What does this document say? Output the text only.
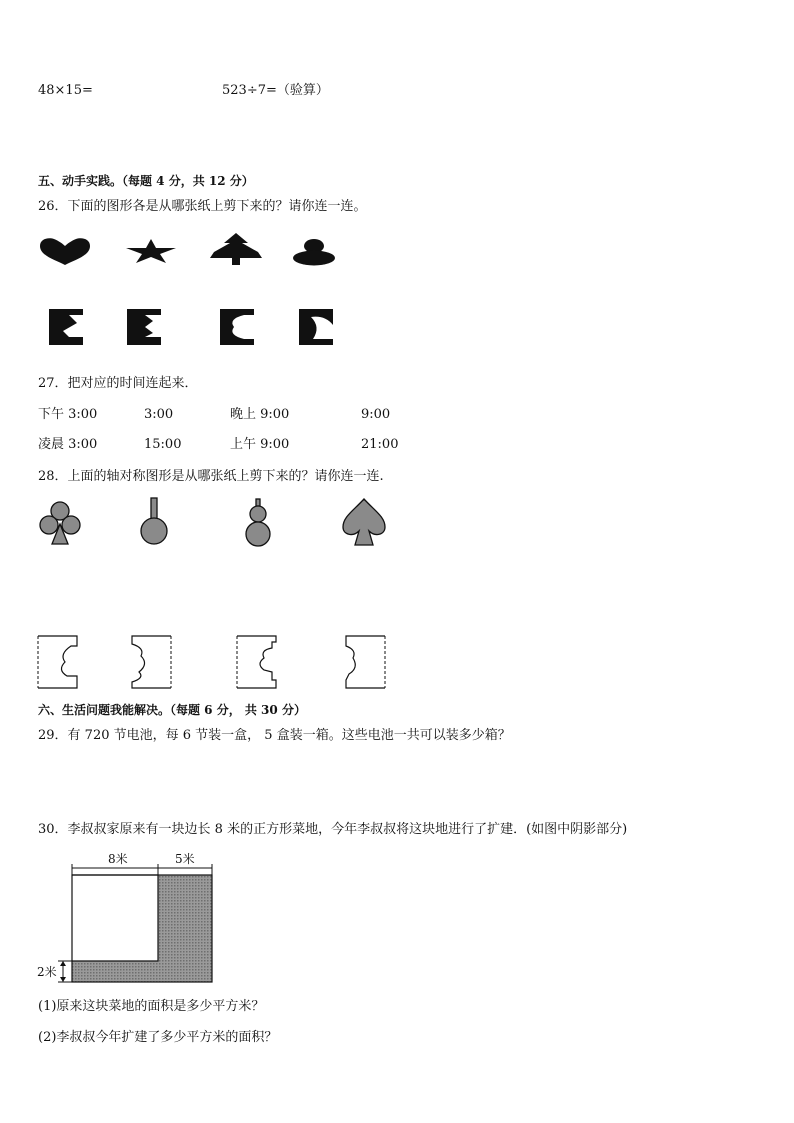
48×15=	523÷7=（验算）
五、动手实践。（每题 4 分，共 12 分）
26．下面的图形各是从哪张纸上剪下来的？请你连一连。
27．把对应的时间连起来．
下午 3:00	3:00	晚上 9:00	9:00
凌晨 3:00	15:00	上午 9:00	21:00
28．上面的轴对称图形是从哪张纸上剪下来的？请你连一连.
六、生活问题我能解决。（每题 6 分， 共 30 分）
29．有 720 节电池，每 6 节装一盒， 5 盒装一箱。这些电池一共可以装多少箱？
30．李叔叔家原来有一块边长 8 米的正方形菜地，今年李叔叔将这块地进行了扩建．(如图中阴影部分)
8米	5米
2米
(1)原来这块菜地的面积是多少平方米？
(2)李叔叔今年扩建了多少平方米的面积？
